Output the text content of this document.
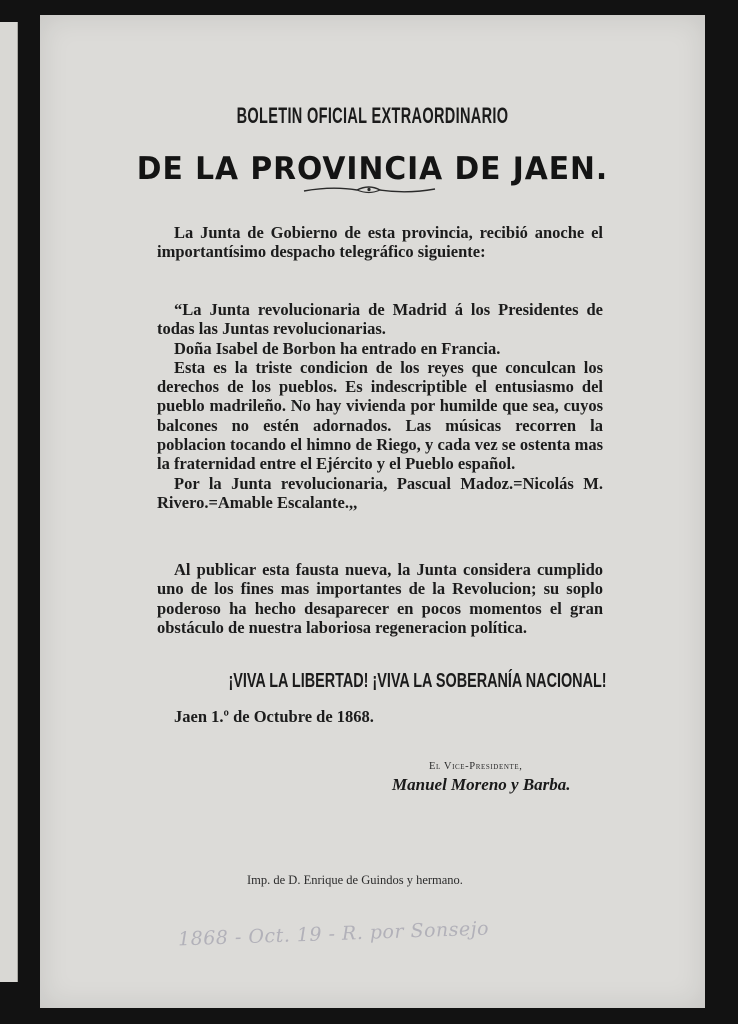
BOLETIN OFICIAL EXTRAORDINARIO
DE LA PROVINCIA DE JAEN.
La Junta de Gobierno de esta provincia, recibió anoche el importantísimo despacho telegráfico siguiente:
“La Junta revolucionaria de Madrid á los Presidentes de todas las Juntas revolucionarias.
Doña Isabel de Borbon ha entrado en Francia.
Esta es la triste condicion de los reyes que conculcan los derechos de los pueblos. Es indescriptible el entusiasmo del pueblo madrileño. No hay vivienda por humilde que sea, cuyos balcones no estén adornados. Las músicas recorren la poblacion tocando el himno de Riego, y cada vez se ostenta mas la fraternidad entre el Ejército y el Pueblo español.
Por la Junta revolucionaria, Pascual Madoz.=Nicolás M. Rivero.=Amable Escalante.,,
Al publicar esta fausta nueva, la Junta considera cumplido uno de los fines mas importantes de la Revolucion; su soplo poderoso ha hecho desaparecer en pocos momentos el gran obstáculo de nuestra laboriosa regeneracion política.
¡VIVA LA LIBERTAD! ¡VIVA LA SOBERANÍA NACIONAL!
Jaen 1.º de Octubre de 1868.
El Vice-Presidente,
Manuel Moreno y Barba.
Imp. de D. Enrique de Guindos y hermano.
1868 - Oct. 19 - R. por Sonsejo
